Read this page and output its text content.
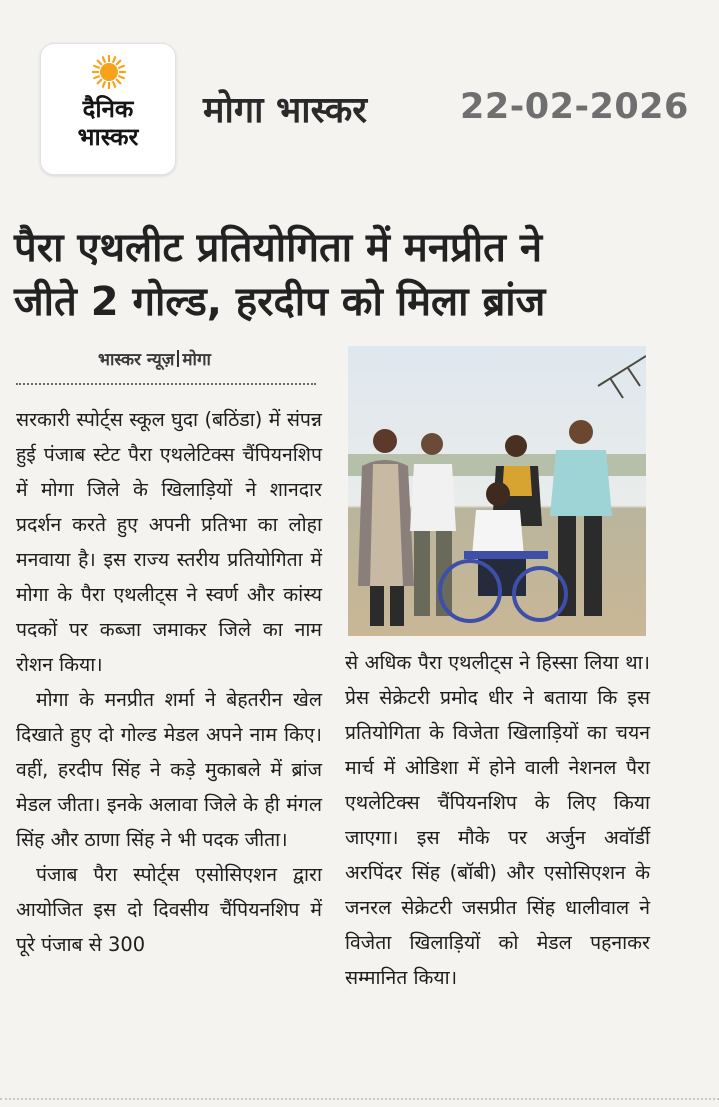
दैनिक
भास्कर
मोगा भास्कर	22-02-2026
पैरा एथलीट प्रतियोगिता में मनप्रीत ने
जीते 2 गोल्ड, हरदीप को मिला ब्रांज
भास्कर न्यूज़ मोगा

सरकारी स्पोर्ट्स स्कूल घुदा (बठिंडा) में संपन्न हुई पंजाब स्टेट पैरा एथलेटिक्स चैंपियनशिप में मोगा जिले के खिलाड़ियों ने शानदार प्रदर्शन करते हुए अपनी प्रतिभा का लोहा मनवाया है। इस राज्य स्तरीय प्रतियोगिता में मोगा के पैरा एथलीट्स ने स्वर्ण और कांस्य पदकों पर कब्जा जमाकर जिले का नाम रोशन किया।

मोगा के मनप्रीत शर्मा ने बेहतरीन खेल दिखाते हुए दो गोल्ड मेडल अपने नाम किए। वहीं, हरदीप सिंह ने कड़े मुकाबले में ब्रांज मेडल जीता। इनके अलावा जिले के ही मंगल सिंह और ठाणा सिंह ने भी पदक जीता।

पंजाब पैरा स्पोर्ट्स एसोसिएशन द्वारा आयोजित इस दो दिवसीय चैंपियनशिप में पूरे पंजाब से 300

से अधिक पैरा एथलीट्स ने हिस्सा लिया था। प्रेस सेक्रेटरी प्रमोद धीर ने बताया कि इस प्रतियोगिता के विजेता खिलाड़ियों का चयन मार्च में ओडिशा में होने वाली नेशनल पैरा एथलेटिक्स चैंपियनशिप के लिए किया जाएगा। इस मौके पर अर्जुन अवॉर्डी अरपिंदर सिंह (बॉबी) और एसोसिएशन के जनरल सेक्रेटरी जसप्रीत सिंह धालीवाल ने विजेता खिलाड़ियों को मेडल पहनाकर सम्मानित किया।
